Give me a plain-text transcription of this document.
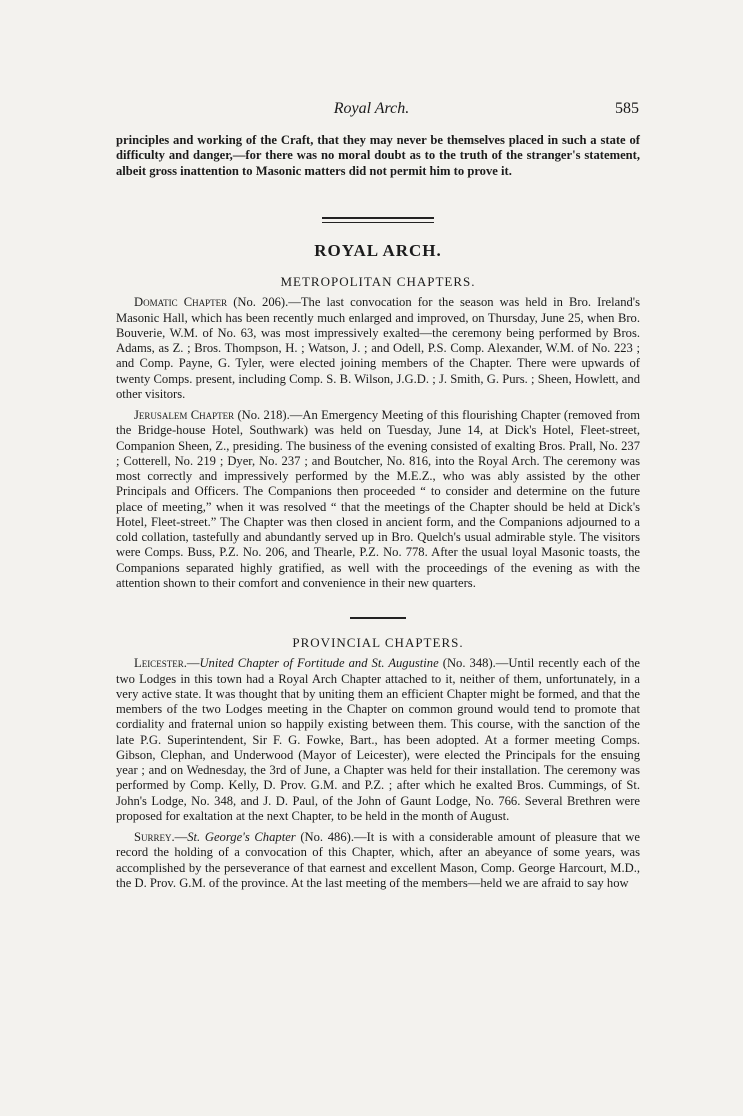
Royal Arch.	585

principles and working of the Craft, that they may never be themselves placed in such a state of difficulty and danger,—for there was no moral doubt as to the truth of the stranger's statement, albeit gross inattention to Masonic matters did not permit him to prove it.

ROYAL ARCH.
METROPOLITAN CHAPTERS.

Domatic Chapter (No. 206).—The last convocation for the season was held in Bro. Ireland's Masonic Hall, which has been recently much enlarged and improved, on Thursday, June 25, when Bro. Bouverie, W.M. of No. 63, was most impressively exalted—the ceremony being performed by Bros. Adams, as Z. ; Bros. Thompson, H. ; Watson, J. ; and Odell, P.S. Comp. Alexander, W.M. of No. 223 ; and Comp. Payne, G. Tyler, were elected joining members of the Chapter. There were upwards of twenty Comps. present, including Comp. S. B. Wilson, J.G.D. ; J. Smith, G. Purs. ; Sheen, Howlett, and other visitors.

Jerusalem Chapter (No. 218).—An Emergency Meeting of this flourishing Chapter (removed from the Bridge-house Hotel, Southwark) was held on Tuesday, June 14, at Dick's Hotel, Fleet-street, Companion Sheen, Z., presiding. The business of the evening consisted of exalting Bros. Prall, No. 237 ; Cotterell, No. 219 ; Dyer, No. 237 ; and Boutcher, No. 816, into the Royal Arch. The ceremony was most correctly and impressively performed by the M.E.Z., who was ably assisted by the other Principals and Officers. The Companions then proceeded “ to consider and determine on the future place of meeting,” when it was resolved “ that the meetings of the Chapter should be held at Dick's Hotel, Fleet-street.” The Chapter was then closed in ancient form, and the Companions adjourned to a cold collation, tastefully and abundantly served up in Bro. Quelch's usual admirable style. The visitors were Comps. Buss, P.Z. No. 206, and Thearle, P.Z. No. 778. After the usual loyal Masonic toasts, the Companions separated highly gratified, as well with the proceedings of the evening as with the attention shown to their comfort and convenience in their new quarters.

PROVINCIAL CHAPTERS.

Leicester.—United Chapter of Fortitude and St. Augustine (No. 348).—Until recently each of the two Lodges in this town had a Royal Arch Chapter attached to it, neither of them, unfortunately, in a very active state. It was thought that by uniting them an efficient Chapter might be formed, and that the members of the two Lodges meeting in the Chapter on common ground would tend to promote that cordiality and fraternal union so happily existing between them. This course, with the sanction of the late P.G. Superintendent, Sir F. G. Fowke, Bart., has been adopted. At a former meeting Comps. Gibson, Clephan, and Underwood (Mayor of Leicester), were elected the Principals for the ensuing year ; and on Wednesday, the 3rd of June, a Chapter was held for their installation. The ceremony was performed by Comp. Kelly, D. Prov. G.M. and P.Z. ; after which he exalted Bros. Cummings, of St. John's Lodge, No. 348, and J. D. Paul, of the John of Gaunt Lodge, No. 766. Several Brethren were proposed for exaltation at the next Chapter, to be held in the month of August.

Surrey.—St. George's Chapter (No. 486).—It is with a considerable amount of pleasure that we record the holding of a convocation of this Chapter, which, after an abeyance of some years, was accomplished by the perseverance of that earnest and excellent Mason, Comp. George Harcourt, M.D., the D. Prov. G.M. of the province. At the last meeting of the members—held we are afraid to say how
